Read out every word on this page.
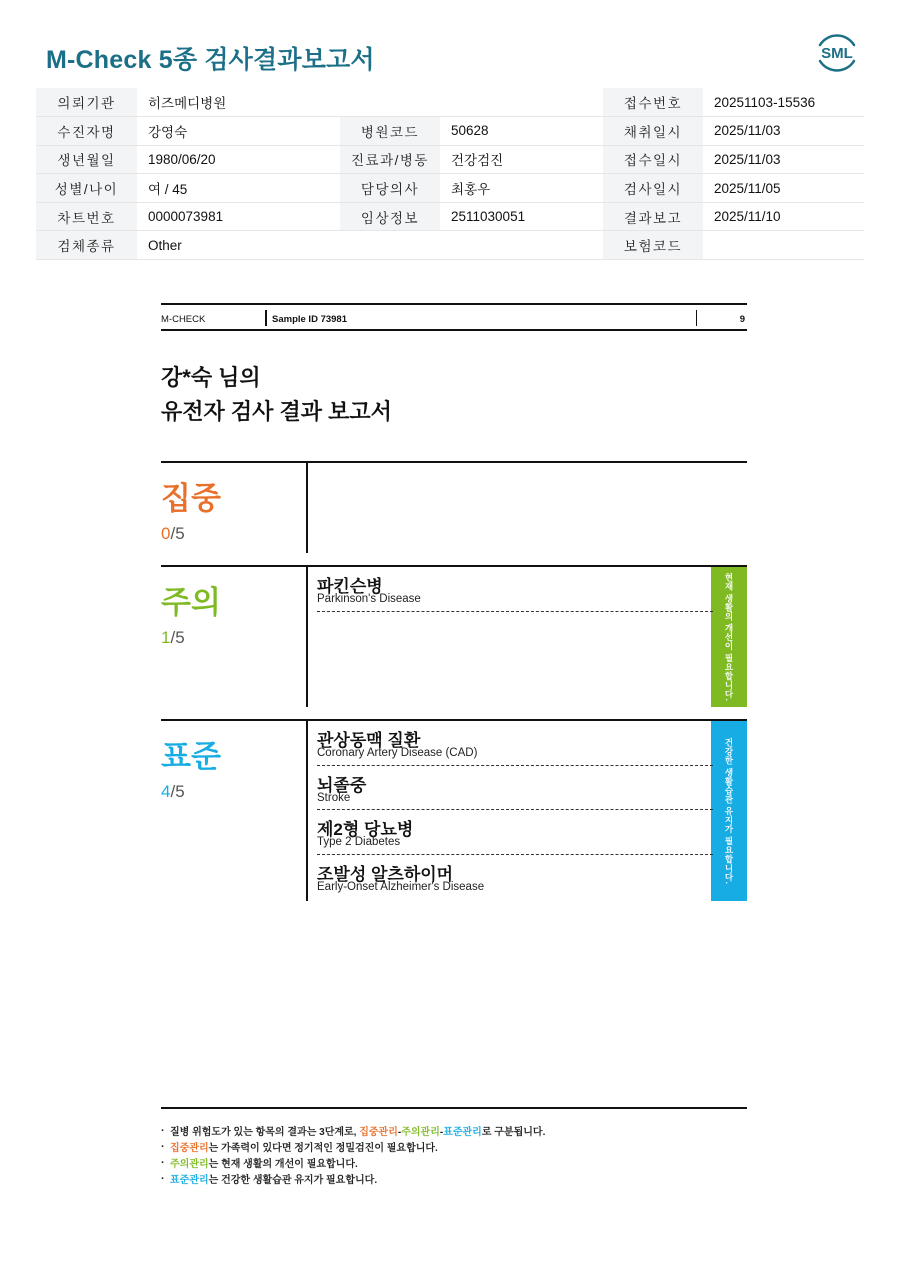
M-Check 5종 검사결과보고서	SML
의뢰기관	히즈메디병원			접수번호	20251103-15536
수진자명	강영숙	병원코드	50628	채취일시	2025/11/03
생년월일	1980/06/20	진료과/병동	건강검진	접수일시	2025/11/03
성별/나이	여 / 45	담당의사	최홍우	검사일시	2025/11/05
차트번호	0000073981	임상정보	2511030051	결과보고	2025/11/10
검체종류	Other			보험코드	
M-CHECK	Sample ID 73981	9
강*숙 님의
유전자 검사 결과 보고서
집중
0/5
주의
1/5	현재 생활의 개선이 필요합니다.
파킨슨병
Parkinson's Disease
표준
4/5	건강한 생활습관 유지가 필요합니다.
관상동맥 질환
Coronary Artery Disease (CAD)
뇌졸중
Stroke
제2형 당뇨병
Type 2 Diabetes
조발성 알츠하이머
Early-Onset Alzheimer's Disease
· 질병 위험도가 있는 항목의 결과는 3단계로, 집중관리-주의관리-표준관리로 구분됩니다.
· 집중관리는 가족력이 있다면 정기적인 정밀검진이 필요합니다.
· 주의관리는 현재 생활의 개선이 필요합니다.
· 표준관리는 건강한 생활습관 유지가 필요합니다.
